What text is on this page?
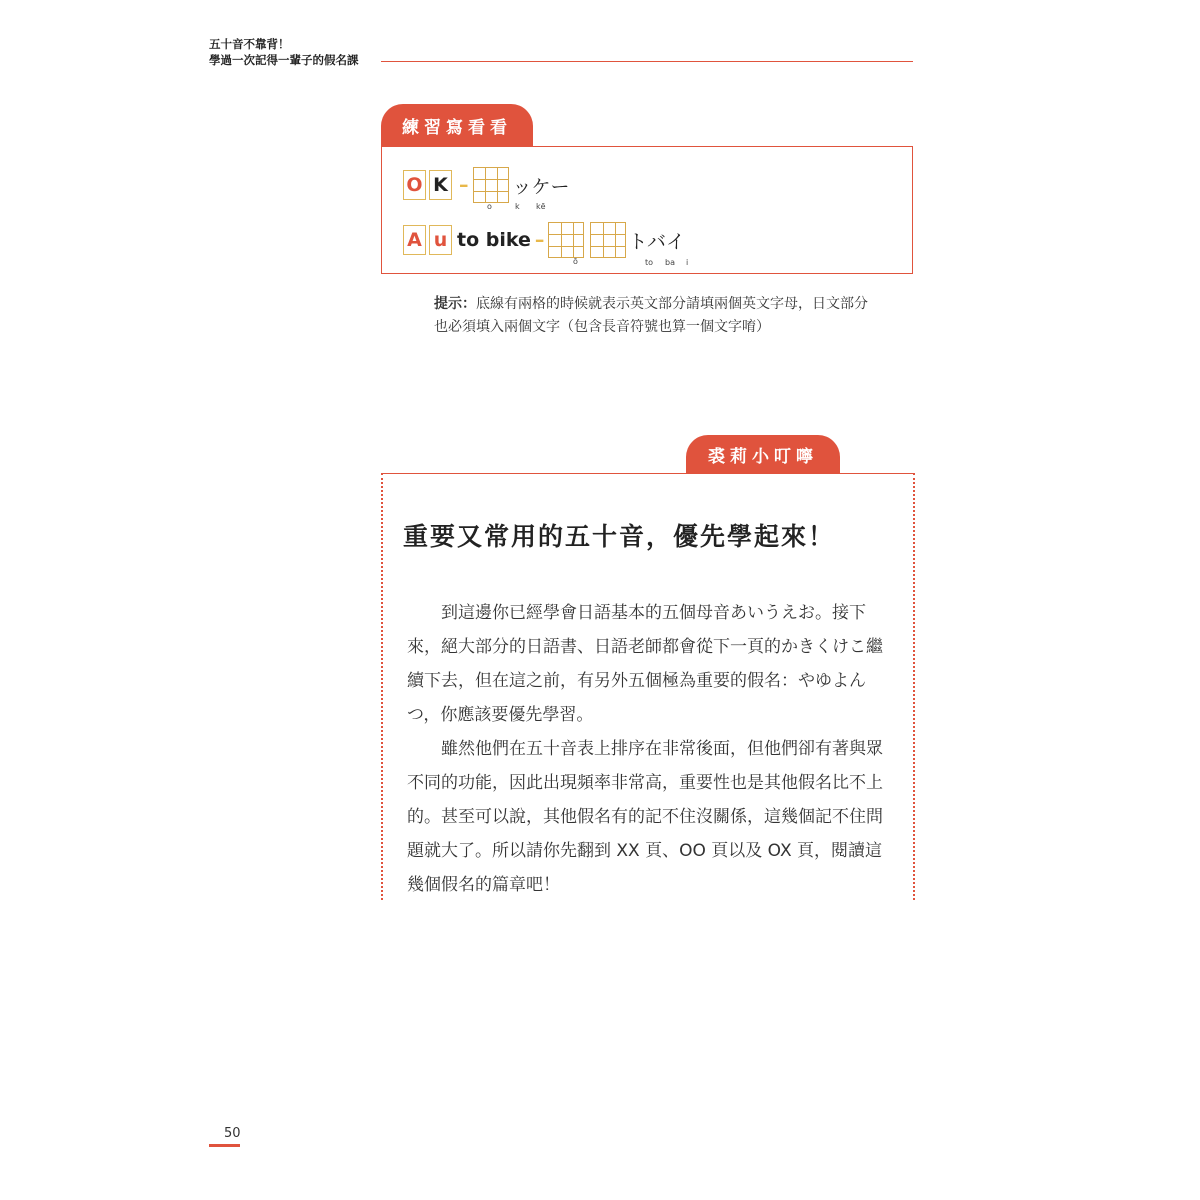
五十音不靠背！
學過一次記得一輩子的假名課
練習寫看看
O K – ッケー
o	k kē
A u to bike –	トバイ
ō	to ba i
提示：底線有兩格的時候就表示英文部分請填兩個英文字母，日文部分也必須填入兩個文字（包含長音符號也算一個文字唷）
裘莉小叮嚀
重要又常用的五十音，優先學起來！

到這邊你已經學會日語基本的五個母音あいうえお。接下來，絕大部分的日語書、日語老師都會從下一頁的かきくけこ繼續下去，但在這之前，有另外五個極為重要的假名：やゆよんつ，你應該要優先學習。

雖然他們在五十音表上排序在非常後面，但他們卻有著與眾不同的功能，因此出現頻率非常高，重要性也是其他假名比不上的。甚至可以說，其他假名有的記不住沒關係，這幾個記不住問題就大了。所以請你先翻到 XX 頁、OO 頁以及 OX 頁，閱讀這幾個假名的篇章吧！

50
